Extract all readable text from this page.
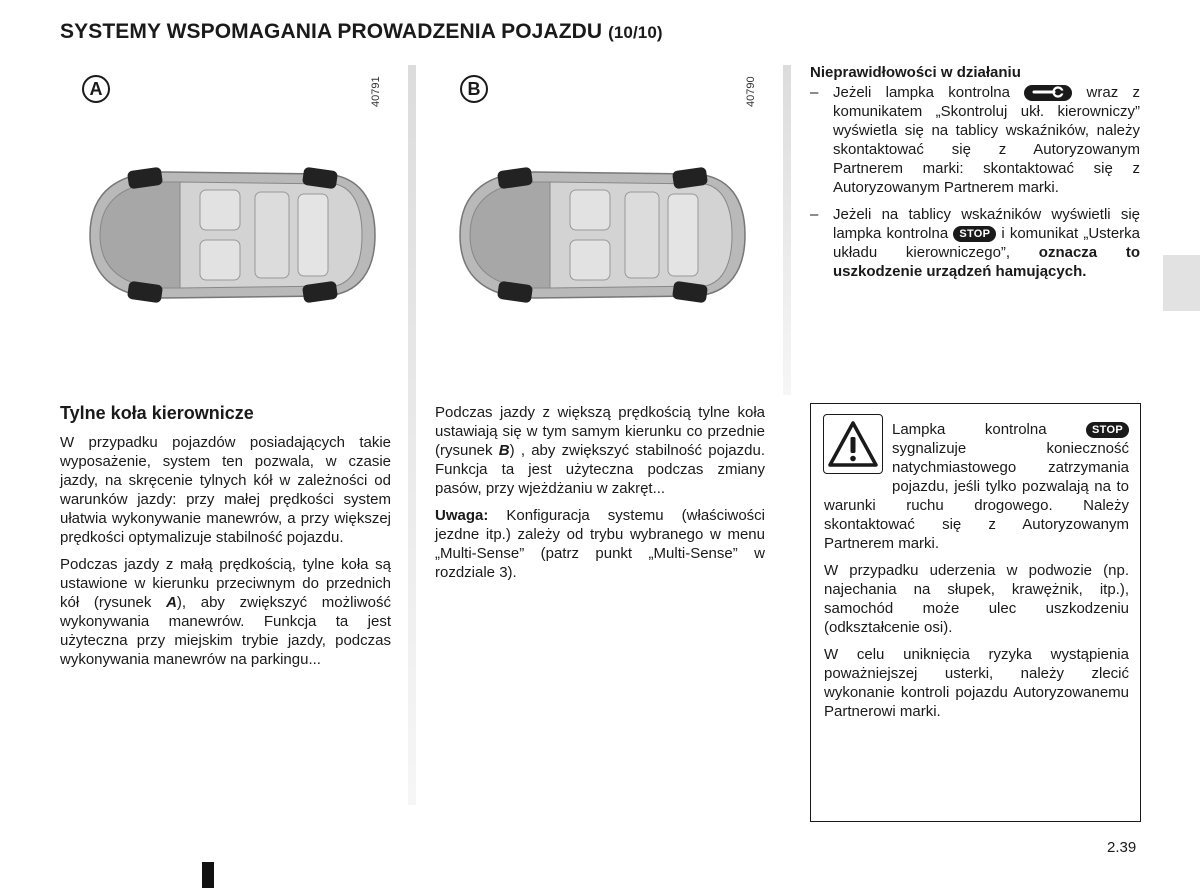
SYSTEMY WSPOMAGANIA PROWADZENIA POJAZDU (10/10)
A	40791	B	40790
Tylne koła kierownicze

W przypadku pojazdów posiadających takie wyposażenie, system ten pozwala, w czasie jazdy, na skręcenie tylnych kół w zależności od warunków jazdy: przy małej prędkości system ułatwia wykonywanie manewrów, a przy większej prędkości optymalizuje stabilność pojazdu.

Podczas jazdy z małą prędkością, tylne koła są ustawione w kierunku przeciwnym do przednich kół (rysunek A), aby zwiększyć możliwość wykonywania manewrów. Funkcja ta jest użyteczna przy miejskim trybie jazdy, podczas wykonywania manewrów na parkingu...

Podczas jazdy z większą prędkością tylne koła ustawiają się w tym samym kierunku co przednie (rysunek B) , aby zwiększyć stabilność pojazdu. Funkcja ta jest użyteczna podczas zmiany pasów, przy wjeżdżaniu w zakręt...

Uwaga: Konfiguracja systemu (właściwości jezdne itp.) zależy od trybu wybranego w menu „Multi-Sense” (patrz punkt „Multi-Sense” w rozdziale 3).

Nieprawidłowości w działaniu
– Jeżeli lampka kontrolna	wraz z komunikatem „Skontroluj ukł. kierowniczy” wyświetla się na tablicy wskaźników, należy skontaktować się z Autoryzowanym Partnerem marki: skontaktować się z Autoryzowanym Partnerem marki.
– Jeżeli na tablicy wskaźników wyświetli się lampka kontrolna STOP i komunikat „Usterka układu kierowniczego”, oznacza to uszkodzenie urządzeń hamujących.

Lampka kontrolna STOP sygnalizuje konieczność natychmiastowego zatrzymania pojazdu, jeśli tylko pozwalają na to warunki ruchu drogowego. Należy skontaktować się z Autoryzowanym Partnerem marki.

W przypadku uderzenia w podwozie (np. najechania na słupek, krawężnik, itp.), samochód może ulec uszkodzeniu (odkształcenie osi).

W celu uniknięcia ryzyka wystąpienia poważniejszej usterki, należy zlecić wykonanie kontroli pojazdu Autoryzowanemu Partnerowi marki.

2.39
